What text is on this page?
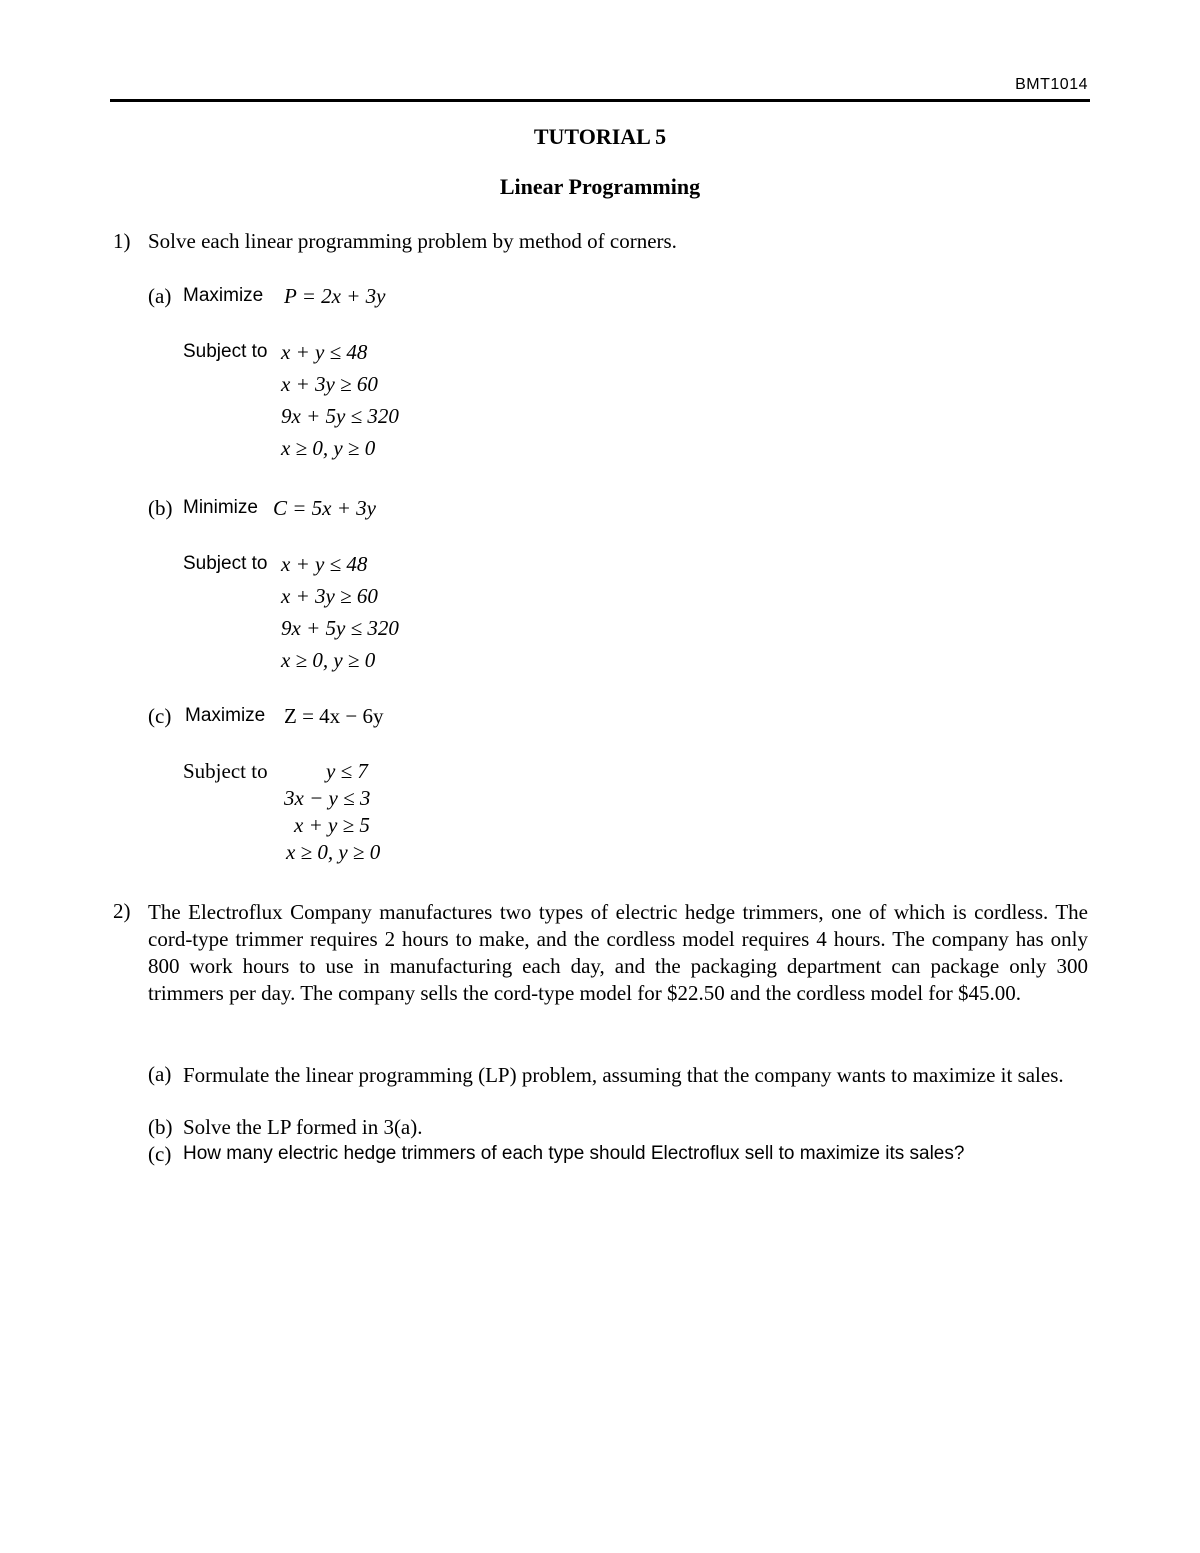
BMT1014
TUTORIAL 5
Linear Programming
1) Solve each linear programming problem by method of corners.
(a) Maximize P = 2x + 3y
Subject to x + y ≤ 48
x + 3y ≥ 60
9x + 5y ≤ 320
x ≥ 0, y ≥ 0
(b) Minimize C = 5x + 3y
Subject to x + y ≤ 48
x + 3y ≥ 60
9x + 5y ≤ 320
x ≥ 0, y ≥ 0
(c) Maximize Z = 4x − 6y
Subject to	y ≤ 7
3x − y ≤ 3
x + y ≥ 5
x ≥ 0, y ≥ 0
2) The Electroflux Company manufactures two types of electric hedge trimmers, one of which is cordless. The cord-type trimmer requires 2 hours to make, and the cordless model requires 4 hours. The company has only 800 work hours to use in manufacturing each day, and the packaging department can package only 300 trimmers per day. The company sells the cord-type model for $22.50 and the cordless model for $45.00.
(a) Formulate the linear programming (LP) problem, assuming that the company wants to maximize it sales.
(b) Solve the LP formed in 3(a).
(c) How many electric hedge trimmers of each type should Electroflux sell to maximize its sales?
